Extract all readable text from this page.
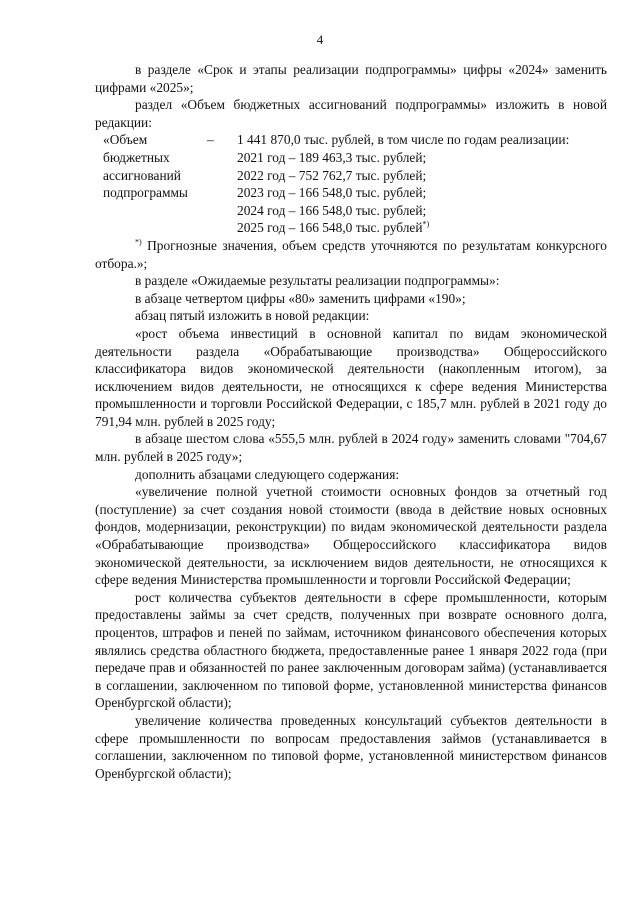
4

в разделе «Срок и этапы реализации подпрограммы» цифры «2024» заменить цифрами «2025»;

раздел «Объем бюджетных ассигнований подпрограммы» изложить в новой редакции:

«Объем бюджетных ассигнований подпрограммы
–	1 441 870,0 тыс. рублей, в том числе по годам реализации:
2021 год – 189 463,3 тыс. рублей;
2022 год – 752 762,7 тыс. рублей;
2023 год – 166 548,0 тыс. рублей;
2024 год – 166 548,0 тыс. рублей;
2025 год – 166 548,0 тыс. рублей*)

*) Прогнозные значения, объем средств уточняются по результатам конкурсного отбора.»;

в разделе «Ожидаемые результаты реализации подпрограммы»:

в абзаце четвертом цифры «80» заменить цифрами «190»;

абзац пятый изложить в новой редакции:

«рост объема инвестиций в основной капитал по видам экономической деятельности раздела «Обрабатывающие производства» Общероссийского классификатора видов экономической деятельности (накопленным итогом), за исключением видов деятельности, не относящихся к сфере ведения Министерства промышленности и торговли Российской Федерации, с 185,7 млн. рублей в 2021 году до 791,94 млн. рублей в 2025 году;

в абзаце шестом слова «555,5 млн. рублей в 2024 году» заменить словами "704,67 млн. рублей в 2025 году»;

дополнить абзацами следующего содержания:

«увеличение полной учетной стоимости основных фондов за отчетный год (поступление) за счет создания новой стоимости (ввода в действие новых основных фондов, модернизации, реконструкции) по видам экономической деятельности раздела «Обрабатывающие производства» Общероссийского классификатора видов экономической деятельности, за исключением видов деятельности, не относящихся к сфере ведения Министерства промышленности и торговли Российской Федерации;

рост количества субъектов деятельности в сфере промышленности, которым предоставлены займы за счет средств, полученных при возврате основного долга, процентов, штрафов и пеней по займам, источником финансового обеспечения которых являлись средства областного бюджета, предоставленные ранее 1 января 2022 года (при передаче прав и обязанностей по ранее заключенным договорам займа) (устанавливается в соглашении, заключенном по типовой форме, установленной министерства финансов Оренбургской области);

увеличение количества проведенных консультаций субъектов деятельности в сфере промышленности по вопросам предоставления займов (устанавливается в соглашении, заключенном по типовой форме, установленной министерством финансов Оренбургской области);
